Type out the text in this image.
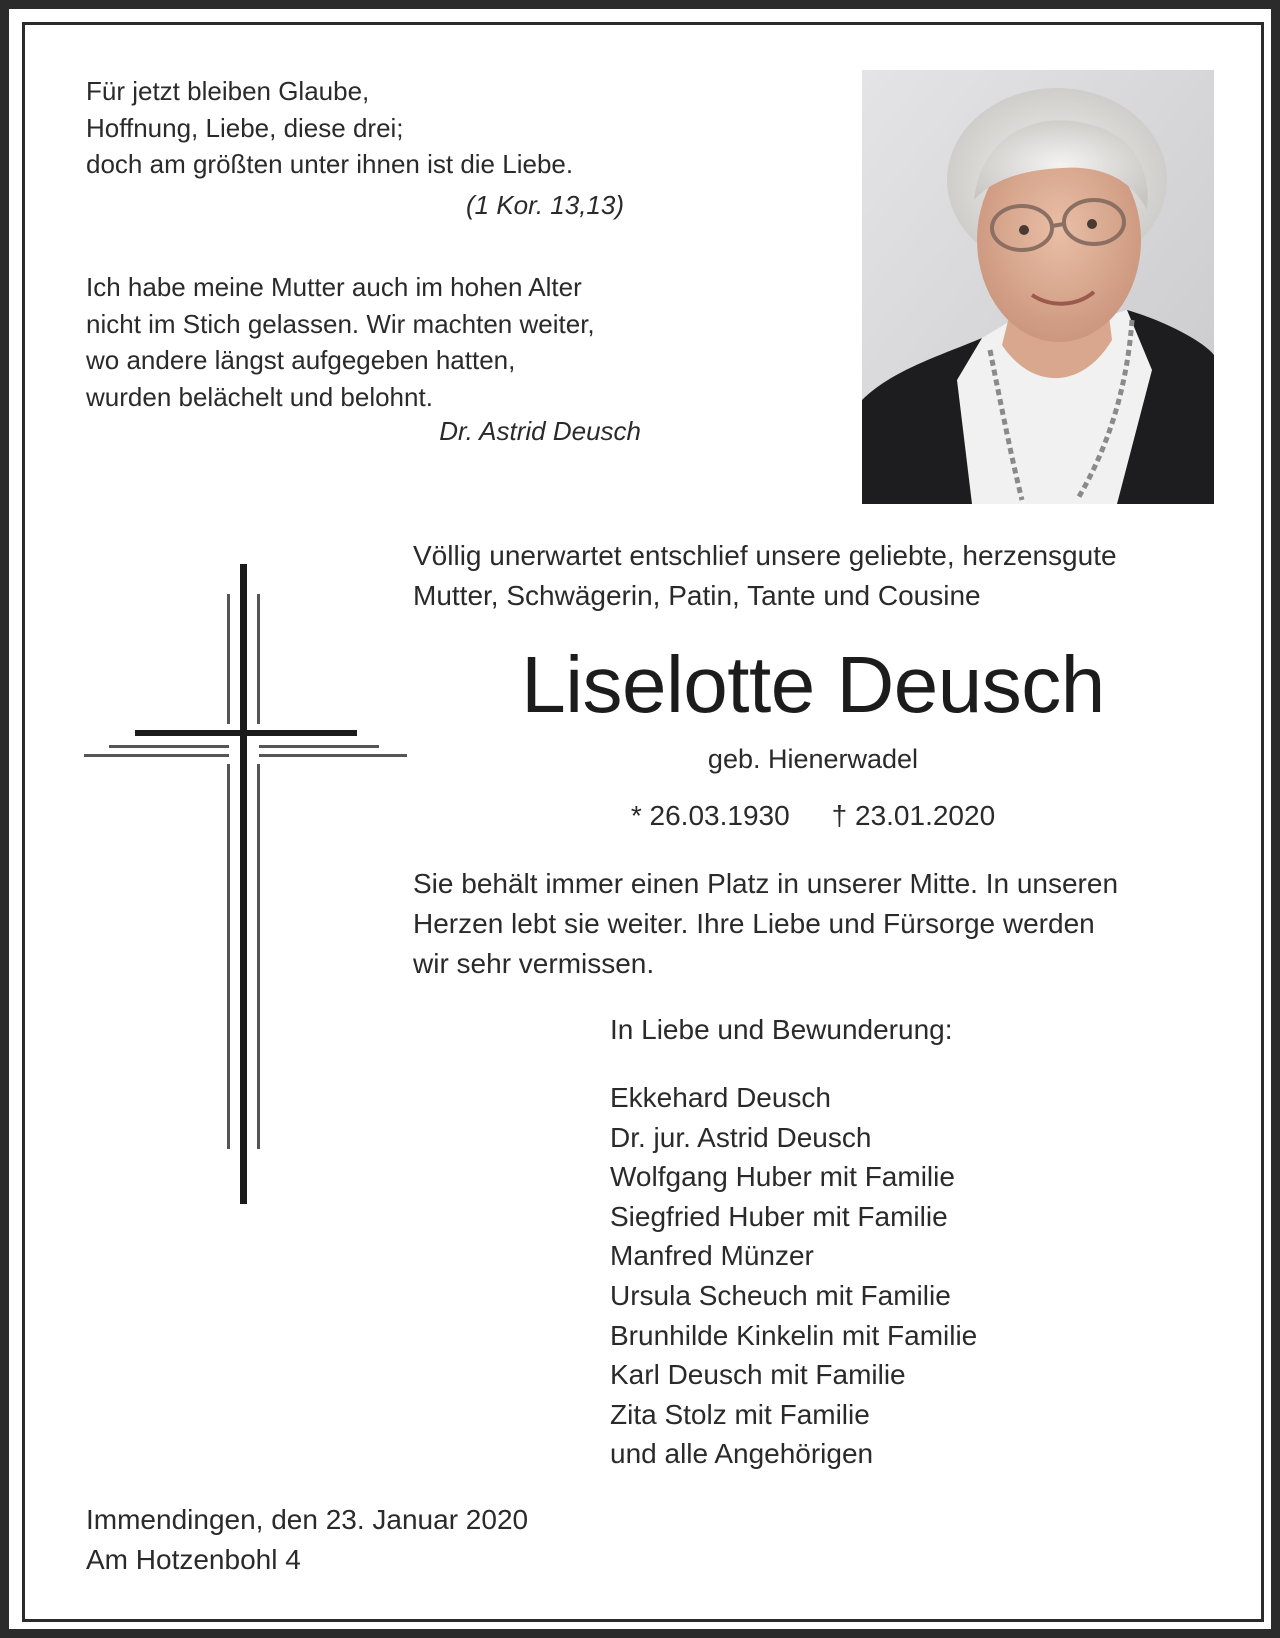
Für jetzt bleiben Glaube,
Hoffnung, Liebe, diese drei;
doch am größten unter ihnen ist die Liebe.
(1 Kor. 13,13)
Ich habe meine Mutter auch im hohen Alter
nicht im Stich gelassen. Wir machten weiter,
wo andere längst aufgegeben hatten,
wurden belächelt und belohnt.
Dr. Astrid Deusch
Völlig unerwartet entschlief unsere geliebte, herzensgute
Mutter, Schwägerin, Patin, Tante und Cousine
Liselotte Deusch
geb. Hienerwadel
* 26.03.1930 † 23.01.2020
Sie behält immer einen Platz in unserer Mitte. In unseren
Herzen lebt sie weiter. Ihre Liebe und Fürsorge werden
wir sehr vermissen.
In Liebe und Bewunderung:
Ekkehard Deusch
Dr. jur. Astrid Deusch
Wolfgang Huber mit Familie
Siegfried Huber mit Familie
Manfred Münzer
Ursula Scheuch mit Familie
Brunhilde Kinkelin mit Familie
Karl Deusch mit Familie
Zita Stolz mit Familie
und alle Angehörigen
Immendingen, den 23. Januar 2020
Am Hotzenbohl 4
